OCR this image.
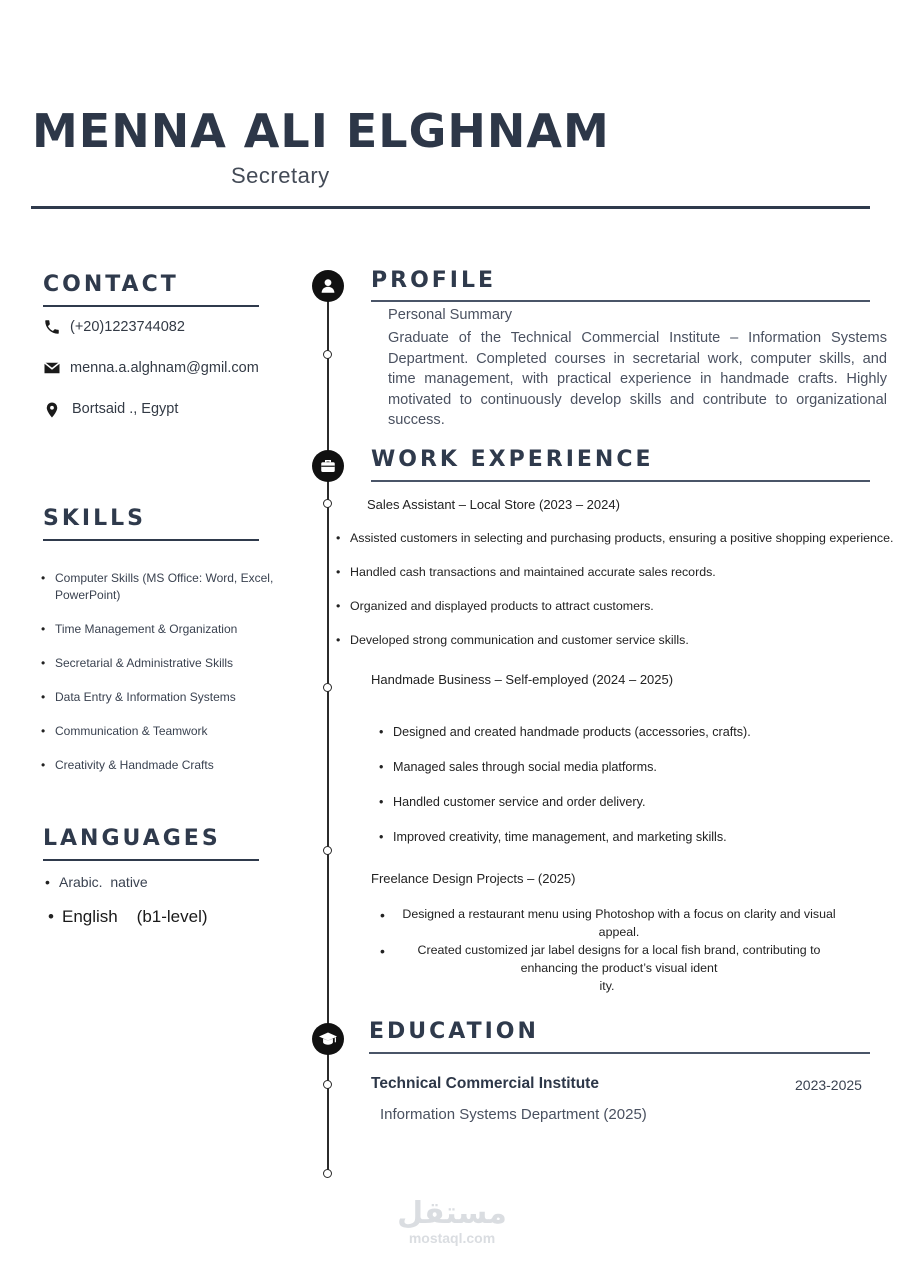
MENNA ALI ELGHNAM
Secretary
CONTACT
(+20)1223744082
menna.a.alghnam@gmil.com
Bortsaid ., Egypt
SKILLS
• Computer Skills (MS Office: Word, Excel,
PowerPoint)
• Time Management & Organization
• Secretarial & Administrative Skills
• Data Entry & Information Systems
• Communication & Teamwork
• Creativity & Handmade Crafts
LANGUAGES
• Arabic. native
• English (b1-level)
PROFILE
Personal Summary
Graduate of the Technical Commercial Institute – Information Systems Department. Completed courses in secretarial work, computer skills, and time management, with practical experience in handmade crafts. Highly motivated to continuously develop skills and contribute to organizational success.
WORK EXPERIENCE
Sales Assistant – Local Store (2023 – 2024)
• Assisted customers in selecting and purchasing products, ensuring a positive shopping experience.
• Handled cash transactions and maintained accurate sales records.
• Organized and displayed products to attract customers.
• Developed strong communication and customer service skills.
Handmade Business – Self-employed (2024 – 2025)
• Designed and created handmade products (accessories, crafts).
• Managed sales through social media platforms.
• Handled customer service and order delivery.
• Improved creativity, time management, and marketing skills.
Freelance Design Projects – (2025)
•	Designed a restaurant menu using Photoshop with a focus on clarity and visual
appeal.
•	Created customized jar label designs for a local fish brand, contributing to
enhancing the product’s visual ident
ity.
EDUCATION
Technical Commercial Institute	2023-2025
Information Systems Department (2025)
مستقل
mostaql.com
